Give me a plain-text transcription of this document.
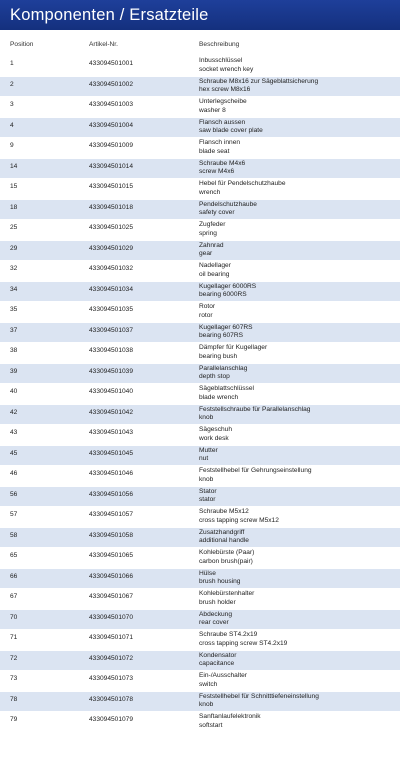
Komponenten / Ersatzteile
Position	Artikel-Nr.	Beschreibung
1	433094501001	Inbusschlüssel
socket wrench key
2	433094501002	Schraube M8x16 zur Sägeblattsicherung
hex screw M8x16
3	433094501003	Unterlegscheibe
washer 8
4	433094501004	Flansch aussen
saw blade cover plate
9	433094501009	Flansch innen
blade seat
14	433094501014	Schraube M4x6
screw M4x6
15	433094501015	Hebel für Pendelschutzhaube
wrench
18	433094501018	Pendelschutzhaube
safety cover
25	433094501025	Zugfeder
spring
29	433094501029	Zahnrad
gear
32	433094501032	Nadellager
oil bearing
34	433094501034	Kugellager 6000RS
bearing 6000RS
35	433094501035	Rotor
rotor
37	433094501037	Kugellager 607RS
bearing 607RS
38	433094501038	Dämpfer für Kugellager
bearing bush
39	433094501039	Parallelanschlag
depth stop
40	433094501040	Sägeblattschlüssel
blade wrench
42	433094501042	Feststellschraube für Parallelanschlag
knob
43	433094501043	Sägeschuh
work desk
45	433094501045	Mutter
nut
46	433094501046	Feststellhebel für Gehrungseinstellung
knob
56	433094501056	Stator
stator
57	433094501057	Schraube M5x12
cross tapping screw M5x12
58	433094501058	Zusatzhandgriff
additional handle
65	433094501065	Kohlebürste (Paar)
carbon brush(pair)
66	433094501066	Hülse
brush housing
67	433094501067	Kohlebürstenhalter
brush holder
70	433094501070	Abdeckung
rear cover
71	433094501071	Schraube ST4.2x19
cross tapping screw ST4.2x19
72	433094501072	Kondensator
capacitance
73	433094501073	Ein-/Ausschalter
switch
78	433094501078	Feststellhebel für Schnitttiefeneinstellung
knob
79	433094501079	Sanftanlaufelektronik
softstart
